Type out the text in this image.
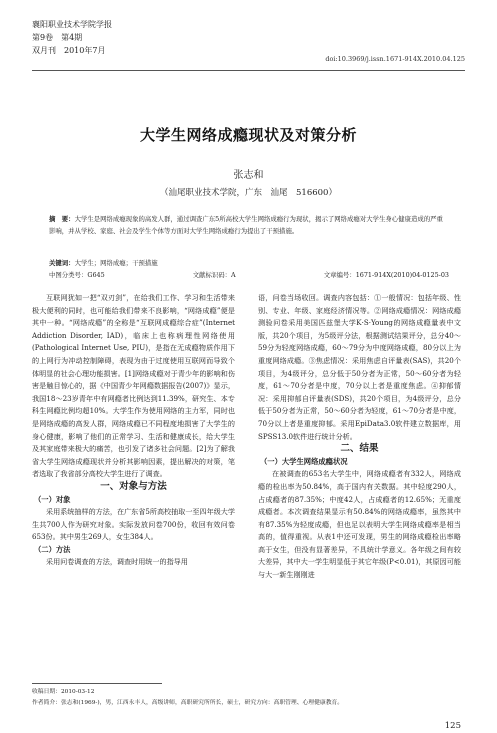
襄阳职业技术学院学报
第9卷　第4期
双月刊　2010年7月
doi:10.3969/j.issn.1671-914X.2010.04.125
大学生网络成瘾现状及对策分析
张志和
（汕尾职业技术学院，广东　汕尾　516600）
摘　要：大学生是网络成瘾现象的高发人群，通过调查广东5所高校大学生网络成瘾行为现状，揭示了网络成瘾对大学生身心健康造成的严重影响，并从学校、家庭、社会及学生个体等方面对大学生网络成瘾行为提出了干预措施。
关键词：大学生；网络成瘾；干预措施
中图分类号：G645	文献标识码：A	文章编号：1671-914X(2010)04-0125-03

互联网犹如一把“双刃剑”，在给我们工作、学习和生活带来极大便利的同时，也可能给我们带来不良影响，“网络成瘾”便是其中一种。“网络成瘾”的全称是“互联网成瘾综合症”(Internet Addiction Disorder, IAD)，临床上也称病理性网络使用(Pathological Internet Use, PIU)，是指在无成瘾物质作用下的上网行为冲动控制障碍，表现为由于过度使用互联网而导致个体明显的社会心理功能损害。[1]网络成瘾对于青少年的影响和伤害是触目惊心的，据《中国青少年网瘾数据报告(2007)》显示，我国18～23岁青年中有网瘾者比例达到11.39%，研究生、本专科生网瘾比例均超10%。大学生作为使用网络的主力军，同时也是网络成瘾的高发人群，网络成瘾已不同程度地损害了大学生的身心健康，影响了他们的正常学习、生活和健康成长，给大学生及其家庭带来极大的痛苦，也引发了诸多社会问题。[2]为了解我省大学生网络成瘾现状并分析其影响因素，提出解决的对策，笔者选取了我省部分高校大学生进行了调查。

一、对象与方法

（一）对象

采用系统抽样的方法，在广东省5所高校抽取一至四年级大学生共700人作为研究对象。实际发放问卷700份，收回有效问卷653份。其中男生269人，女生384人。

（二）方法

采用问卷调查的方法，调查时用统一的指导用

语，问卷当场收回。调查内容包括：①一般情况：包括年级、性别、专业、年级、家庭经济情况等。②网络成瘾情况：网络成瘾测验问卷采用美国匹兹堡大学K·S·Young的网络成瘾量表中文版，共20个项目，为5级评分法，根据测试结果评分，总分40～59分为轻度网络成瘾，60～79分为中度网络成瘾，80分以上为重度网络成瘾。③焦虑情况：采用焦虑自评量表(SAS)，共20个项目，为4级评分，总分低于50分者为正常，50～60分者为轻度，61～70分者是中度，70分以上者是重度焦虑。④抑郁情况：采用抑郁自评量表(SDS)，共20个项目，为4级评分，总分低于50分者为正常，50～60分者为轻度，61～70分者是中度，70分以上者是重度抑郁。采用EpiData3.0软件建立数据库，用SPSS13.0软件进行统计分析。

二、结果

（一）大学生网络成瘾状况

在被调查的653名大学生中，网络成瘾者有332人，网络成瘾的检出率为50.84%，高于国内有关数据。其中轻度290人，占成瘾者的87.35%；中度42人，占成瘾者的12.65%；无重度成瘾者。本次调查结果显示有50.84%的网络成瘾率，虽然其中有87.35%为轻度成瘾，但也足以表明大学生网络成瘾率是相当高的，值得重视。从表1中还可发现，男生的网络成瘾检出率略高于女生，但没有显著差异，不具统计学意义。各年级之间有较大差异，其中大一学生明显低于其它年级(P<0.01)，其原因可能与大一新生刚刚进

收稿日期：2010-03-12
作者简介：张志和(1969-)，男，江西永丰人，高级讲师，高职研究所所长，硕士，研究方向：高职管理、心理健康教育。
125
